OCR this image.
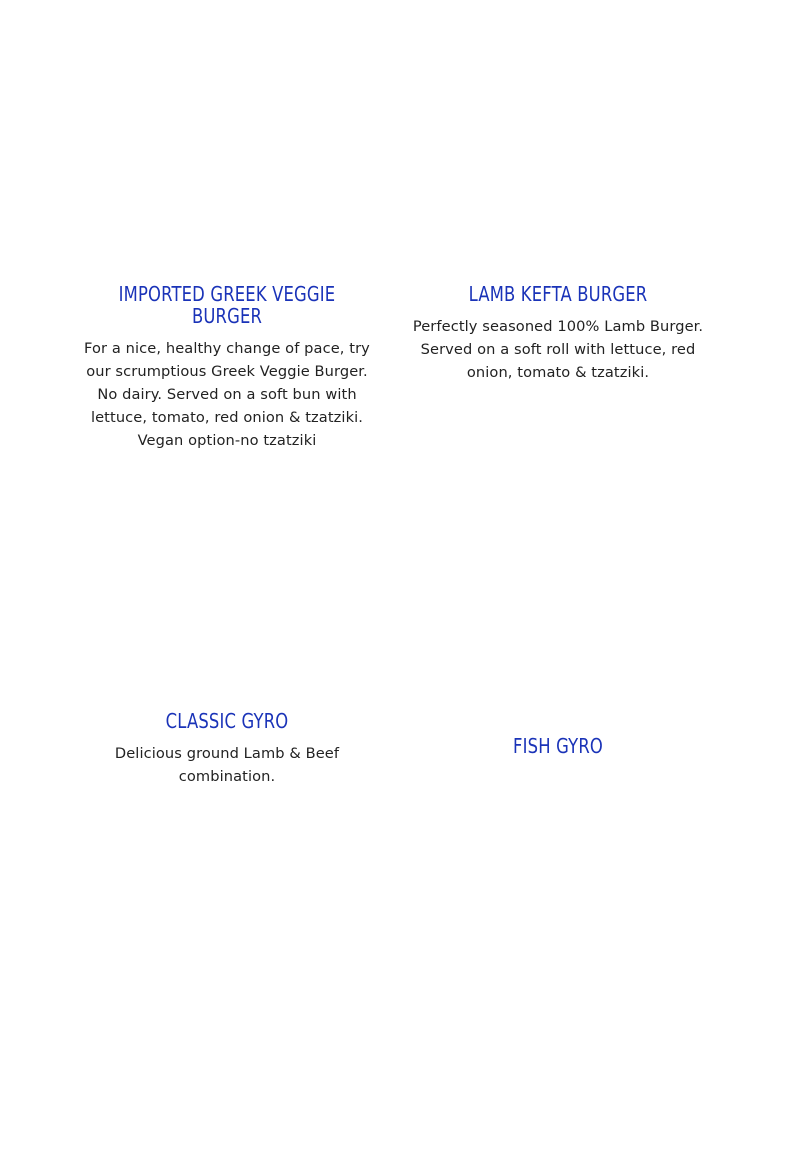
IMPORTED GREEK VEGGIE BURGER

For a nice, healthy change of pace, try our scrumptious Greek Veggie Burger. No dairy. Served on a soft bun with lettuce, tomato, red onion & tzatziki. Vegan option-no tzatziki

LAMB KEFTA BURGER

Perfectly seasoned 100% Lamb Burger. Served on a soft roll with lettuce, red onion, tomato & tzatziki.

CLASSIC GYRO

Delicious ground Lamb & Beef combination.

FISH GYRO
